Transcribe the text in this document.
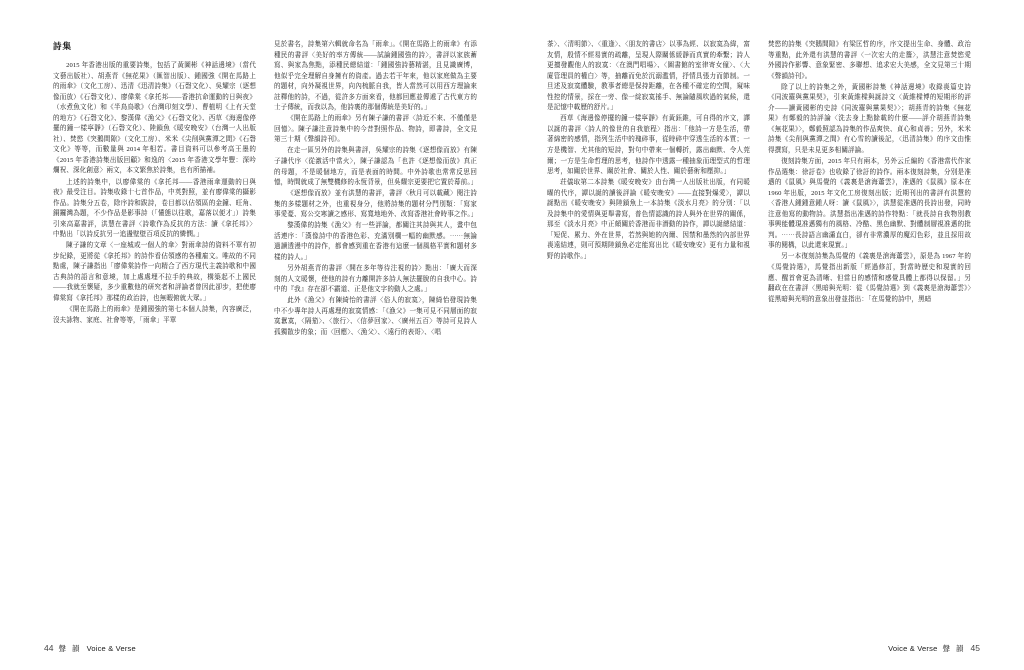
詩集

2015 年香港出版的重要詩集，包括了黃圖彬《神話邊境》（當代文藝出版社）、胡燕青《無花果》（匯智出版）、鍾國強《開在馬路上的雨傘》（文化工房）、迅清《迅清詩集》（石磬文化）、吳耀宗（逐想像而放）《石磬文化）、廖偉棠《拿托邦——香港抗命運動的日與夜》（水煮魚文化）和《半鳥鳥歌》（台灣印刻文學）、曹植明《上有天堂的地方》《石磬文化》、黎漢偉《漁父》《石磬文化》、西草《海邊像停擺的鐘一樣寧靜》（石磬文化）、陸鎖魚《暖安晚安》（台灣一人出版社）、焚慾《突鵝間隙》（文化工房）、米米《尖削與黨潭之間》《石磬文化》等等，而數量與 2014 年相若。書目資料可以參考高王墨的《2015 年香港詩集出版回顧》和逸的〈2015 年香港文學年豐：深吟爛祝、深化創意〉兩文，本文繁焦於詩集，也有所描補。

上述的詩集中，以廖偉棠的《拿托邦——香港雨傘運動的日與夜》最受注目。詩集收錄十七首作品，中英對照，並有廖偉棠的攝影作品。詩集分五卷，除序詩和跋詩，卷目都以佔領區的金鐘、旺角、銅鑼灣為題，不少作品是影事詩（「懂態以往歌，嘉落以便才」）詩集引來高嘉書評，洪慧在書評〈詩歌作為反抗的方法：讀《拿托邦》〉中點出「以詩反抗另一追盪壁壁百項反抗的憐憫。」

陳子謙的文章〈一座城或一個人的傘〉對雨傘詩的資料不單有初步紀錄，更將從《拿托邦》的詩作看佔領感的各種雇文。唯故的不同點處，陳子謙指出「廖偉棠詩作一向精合了西方現代主義詩歌和中國古典詩的語言和意境，加上處處埋不拉手的典故，構築起不上國民——我就至懷疑，多少重數他的研究者和評論者曾因此卻步，把使廖偉棠寫《拿托邦》那樣的政治詩，也無暇俯就大眾。」

《開在馬路上的雨傘》是鍾國強的第七本個人詩集，內容廣泛，沒夫詠物、家庭、社會等等，「雨傘」平單

見於書名，詩集第六輯就命名為「雨傘」。《開在馬路上的雨傘》有添種民的書評〈美好的率方傳統——試論鍾國強的詩〉，書評以家族蓄寫、與家為焦點，添種民總結道：「鍾國強詩藝精湛，且見識廣博，他似乎完全理解自身擁有的資產。過去若干年來，他以家庭做為主要的題材，向外凝視世界，向內梳脈自我，皆人當然可以用西方理論來註釋他的詩，不過，從許多方面來看，他都回應並傳遞了古代東方的士子傳統，而我以為，他詩裏的那個傳統是美好的。」

《開在馬路上的雨傘》另有陳子謙的書評〈詩近不來、不僅僅是回憶〉。陳子謙注意詩集中的今昔對照作品、物詩，即書詩，全文見第三十期《聲韻詩刊》。

在走一區另外的詩集與書評，吳耀宗的詩集《逐想像而放》有陳子謙代序〈從激活中當火〉，陳子謙認為「也許《逐想像而放》真正的母題，不是暖個地方，而是表面的時間。中外詩歌也常常反思回憶，時間就成了無雙機修的永恆背景，但吳耀宗更要把它置於幕前。」

《逐想像而放》並有洪慧的書評，書評〈秋月可以載藏〉閱注詩集的多樣題材之外，也重視身分，他將詩集的題材分門別類：「寫家事愛憂、寫公交寒讀之感形、寫寬地地外、改寫香港社會時事之作。」

黎漢偉的詩集《漁父》有一些評論，都關注其詩與其人，畫中包活連序：「漢像詩中的香港色彩、充滿別櫚一幅的幽默感。⋯⋯無論過讀透漫中的詩作，都會感到重在香港有這麼一個風格平實和題材多樣的詩人。」

另外胡燕青的書評〈開在多年等待注視的詩〉點出：「廣大而深刻的人文暖懷，使他的詩有力離開許多詩人無法擺脫的自我中心。詩中的『我』存在卻不霸道、正是他文字的動人之處。」

此外《漁父》有陳綺怡的書評〈俗人的寂寞〉，陳綺怡發現詩集中不少專年詩人再處理的寂寞情感：「《漁父》一集可見不同層面的寂寞囂寞，〈隔笳〉、〈旅行〉、〈信夢回家〉、〈廣州五百〉等詩可見詩人孤獨散步的象；而〈回應〉、〈漁父〉、〈遠行的表哥〉、〈唱

茶〉、〈清明節〉、〈重逢〉、〈朋友的書店〉以事為經、以寂寞為緯，富友情，殷情不經易實的疏離，呈現人際關係緩靜而真實的牽繫；詩人更擅發觀他人的寂寞：〈在澳門唱場〉、〈圖書館的室律寄女僮〉、〈大廈管理員的權白〉等，抽離而免於沉溺濫情，抒情具張力而節制。一旦述及寂寞體驗，教事者總是保持距離，在各種不確定的空間，窺味性控的情景，採在一旁、像一綻寂寞搖手、無論隨風吹過的氣候，還是記憶中載歷的舒片。」

西草《海邊像停擺的鐘一樣寧靜》有黃鈺錐，可自得的序文，譯以誕的書評〈詩人的像世的自我旅程〉指出：「他詩一方是生活，帶著綿密的感情，指列生活中的瑰碎事，從時碎中穿透生活的本質；一方是機智、尤其他的短詩，對句中帶來一個轉折，露出幽默、令人莞爾；一方是生命哲理的思考，他詩作中透露一種抽象而理型式的哲理思考，如關於世界、關於社會、關於人性、關於藝術和壓抑。」

荘儀取第二本詩集《暖安晚安》由台灣一人出版社出版，有同暖曜的代序，譚以誕的讀後評論《暖安晚安》——直接對爆愛〉，譚以誕點出《暖安晚安》與陸鎖魚上一本詩集《淡水月亮》的分別：「以及詩集中的愛情與更舉書寫，普色情認識的詩人與外在世界的關係，那至《淡水月亮》中正頗關於香港而非潛動的詩作，譚以誕總結道：「短促、累力、外在世界，若然與她的內爾、因禁和墨然的內部世界喪遠結連，則可預期陸鎖魚必定能寫出比《暖安晚安》更有力量和視野的詩歌作。」

焚慾的詩集《突鵝間隙》有梁匡哲的序，序文提出生命、身體、政治等重點，此外還有洪慧的書評〈一次宏大的走簷〉，洪慧注意焚慾愛外國詩作影響、意象緊密、多聯想、追求宏大美感，全文見第三十期《聲韻詩刊》。

除了以上的詩集之外，黃國彬詩集《神話邊境》收錄喪篇史詩《同波羅與黨果契》，引來黃維樑與誕詩文〈黃維樑博的短期形的評介——讀黃國彬的史詩《同波羅與黨果契》〉；胡燕青的詩集《無花果》有鄭毅的詩評論〈洗去身上點餘載的什麼——評介胡燕青詩集《無花果》〉，鄭毅照認為詩集的作品爽快、貞心和貞善；另外，米米詩集《尖削與黨潭之間》有心雪的讀後記，〈迅清詩集》的序文由惟得撰寫，只是未見更多相關評論。

復刻詩集方面，2015 年只有兩本，另外云丘編的《香港當代作家作品選集：徐訏卷》也收錄了徐訏的詩作。兩本復刻詩集，分別是准邁的《鼠風》與馬覺的《義裏是滄海蕭雲》，准邁的《鼠風》原本在 1960 年出版，2015 年文化工房復刻出版；近期刊出的書評有洪慧的〈香港人鍾鍾意鍾人呀：讀《鼠風》〉，洪慧從准邁的長詩出發，同時注意他寫的動物詩。洪慧指出准邁的詩作特點：「就長詩自我物別教事興能體現准邁獨有的風格、冷酷、黑色幽默、對體制層視准邁的批判。⋯⋯長詩語言幽瀟直白，卻有非常濃厚的魔幻色彩，並且採用故事的閱構，以此還來現實。」

另一本復刻詩集為馬覺的《義裏是滄海蕭雲》，原是為 1967 年的《馬覺詩選》，馬覺指出新版「經過修訂，對當時歷史和現實的回應、醒首會更為清晰、但當日的感情和感覺具體上都得以保留。」另翻政在在書評〈黑暗與光明：從《馬覺詩選》到《義裏是滄海蕭雲》〉從黑暗與光明的意象出發並指出：「在馬覺的詩中，黑暗

44 聲 韻 Voice & Verse	Voice & Verse 聲 韻 45
